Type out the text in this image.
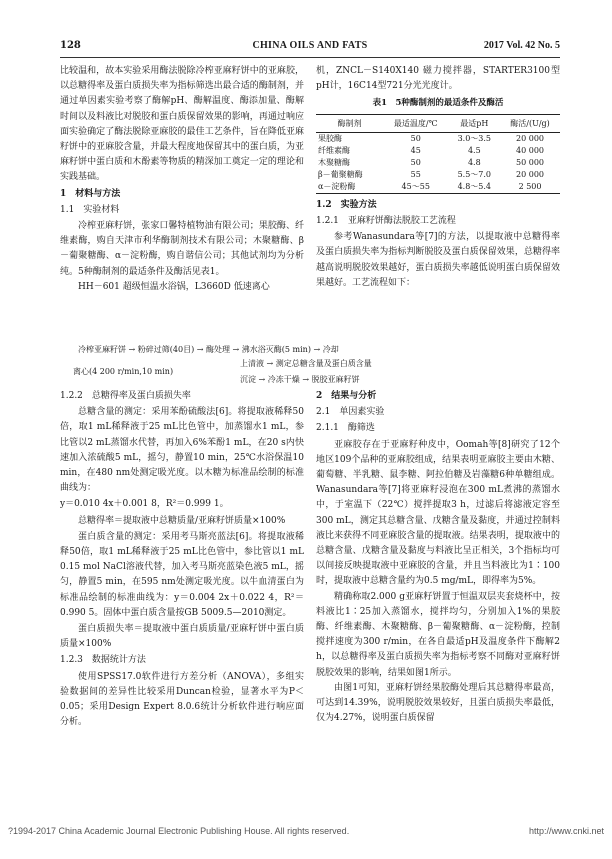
128	CHINA OILS AND FATS	2017 Vol. 42 No. 5

比较温和，故本实验采用酶法脱除冷榨亚麻籽饼中的亚麻胶，以总糖得率及蛋白质损失率为指标筛选出最合适的酶制剂，并通过单因素实验考察了酶解pH、酶解温度、酶添加量、酶解时间以及料液比对脱胶和蛋白质保留效果的影响，再通过响应面实验确定了酶法脱除亚麻胶的最佳工艺条件，旨在降低亚麻籽饼中的亚麻胶含量，并最大程度地保留其中的蛋白质，为亚麻籽饼中蛋白质和木酚素等物质的精深加工奠定一定的理论和实践基础。

1　材料与方法

1.1　实验材料

冷榨亚麻籽饼，张家口馨特植物油有限公司；果胶酶、纤维素酶，购自天津市利华酶制剂技术有限公司；木聚糖酶、β－葡聚糖酶、α－淀粉酶，购自谐信公司；其他试剂均为分析纯。5种酶制剂的最适条件及酶活见表1。

HH－601 超级恒温水浴锅，L3660D 低速离心

机，ZNCL－S140X140 磁力搅拌器，STARTER3100型pH计，16C14型721分光光度计。

表1　5种酶制剂的最适条件及酶活

酶制剂	最适温度/℃	最适pH	酶活/(U/g)
果胶酶	50	3.0～3.5	20 000
纤维素酶	45	4.5	40 000
木聚糖酶	50	4.8	50 000
β－葡聚糖酶	55	5.5～7.0	20 000
α－淀粉酶	45～55	4.8～5.4	2 500

1.2　实验方法

1.2.1　亚麻籽饼酶法脱胶工艺流程

参考Wanasundara等[7]的方法，以提取液中总糖得率及蛋白质损失率为指标判断脱胶及蛋白质保留效果，总糖得率越高说明脱胶效果越好，蛋白质损失率越低说明蛋白质保留效果越好。工艺流程如下：

冷榨亚麻籽饼 → 粉碎过筛(40目) → 酶处理 → 沸水浴灭酶(5 min) → 冷却
离心(4 200 r/min,10 min)
上清液 → 测定总糖含量及蛋白质含量
沉淀 → 冷冻干燥 → 脱胶亚麻籽饼

1.2.2　总糖得率及蛋白质损失率

总糖含量的测定：采用苯酚硫酸法[6]。将提取液稀释50倍，取1 mL稀释液于25 mL比色管中，加蒸馏水1 mL，参比管以2 mL蒸馏水代替，再加入6%苯酚1 mL，在20 s内快速加入浓硫酸5 mL，摇匀，静置10 min，25℃水浴保温10 min，在480 nm处测定吸光度。以木糖为标准品绘制的标准曲线为：

y＝0.010 4x＋0.001 8，R²＝0.999 1。

总糖得率＝提取液中总糖质量/亚麻籽饼质量×100%

蛋白质含量的测定：采用考马斯亮蓝法[6]。将提取液稀释50倍，取1 mL稀释液于25 mL比色管中，参比管以1 mL 0.15 mol NaCl溶液代替，加入考马斯亮蓝染色液5 mL，摇匀，静置5 min，在595 nm处测定吸光度。以牛血清蛋白为标准品绘制的标准曲线为：y＝0.004 2x＋0.022 4，R²＝0.990 5。固体中蛋白质含量按GB 5009.5—2010测定。

蛋白质损失率＝提取液中蛋白质质量/亚麻籽饼中蛋白质质量×100%

1.2.3　数据统计方法

使用SPSS17.0软件进行方差分析（ANOVA），多组实验数据间的差异性比较采用Duncan检验，显著水平为P＜0.05；采用Design Expert 8.0.6统计分析软件进行响应面分析。

2　结果与分析

2.1　单因素实验

2.1.1　酶筛选

亚麻胶存在于亚麻籽种皮中，Oomah等[8]研究了12个地区109个品种的亚麻胶组成，结果表明亚麻胶主要由木糖、葡萄糖、半乳糖、鼠李糖、阿拉伯糖及岩藻糖6种单糖组成。Wanasundara等[7]将亚麻籽浸泡在300 mL煮沸的蒸馏水中，于室温下（22℃）搅拌提取3 h，过滤后将滤液定容至300 mL，测定其总糖含量、戊糖含量及黏度，并通过控制料液比来获得不同亚麻胶含量的提取液。结果表明，提取液中的总糖含量、戊糖含量及黏度与料液比呈正相关，3个指标均可以间接反映提取液中亚麻胶的含量，并且当料液比为1∶100时，提取液中总糖含量约为0.5 mg/mL，即得率为5%。

精确称取2.000 g亚麻籽饼置于恒温双层夹套烧杯中，按料液比1∶25加入蒸馏水，搅拌均匀，分别加入1%的果胶酶、纤维素酶、木聚糖酶、β－葡聚糖酶、α－淀粉酶，控制搅拌速度为300 r/min，在各自最适pH及温度条件下酶解2 h，以总糖得率及蛋白质损失率为指标考察不同酶对亚麻籽饼脱胶效果的影响，结果如图1所示。

由图1可知，亚麻籽饼经果胶酶处理后其总糖得率最高，可达到14.39%，说明脱胶效果较好，且蛋白质损失率最低，仅为4.27%，说明蛋白质保留

?1994-2017 China Academic Journal Electronic Publishing House. All rights reserved.	http://www.cnki.net
